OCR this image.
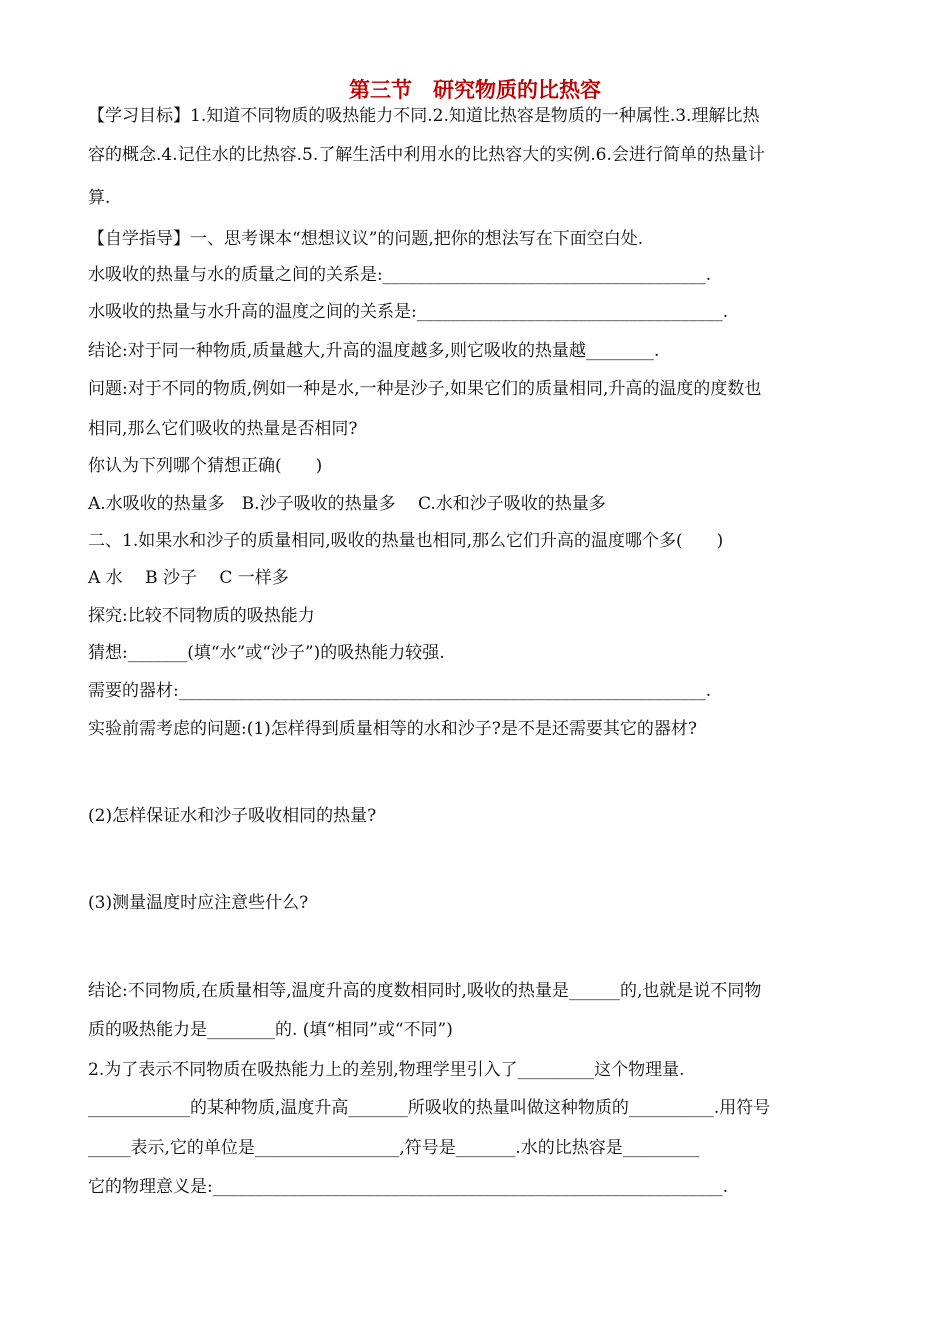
第三节　研究物质的比热容
【学习目标】1.知道不同物质的吸热能力不同.2.知道比热容是物质的一种属性.3.理解比热
容的概念.4.记住水的比热容.5.了解生活中利用水的比热容大的实例.6.会进行简单的热量计
算.
【自学指导】一、思考课本“想想议议”的问题,把你的想法写在下面空白处.
水吸收的热量与水的质量之间的关系是:______________________________________.
水吸收的热量与水升高的温度之间的关系是:____________________________________.
结论:对于同一种物质,质量越大,升高的温度越多,则它吸收的热量越________.
问题:对于不同的物质,例如一种是水,一种是沙子,如果它们的质量相同,升高的温度的度数也
相同,那么它们吸收的热量是否相同?
你认为下列哪个猜想正确(　　)
A.水吸收的热量多　B.沙子吸收的热量多　 C.水和沙子吸收的热量多
二、1.如果水和沙子的质量相同,吸收的热量也相同,那么它们升高的温度哪个多(　　)
A 水　 B 沙子　 C 一样多
探究:比较不同物质的吸热能力
猜想:_______(填“水”或“沙子”)的吸热能力较强.
需要的器材:______________________________________________________________.
实验前需考虑的问题:(1)怎样得到质量相等的水和沙子?是不是还需要其它的器材?
(2)怎样保证水和沙子吸收相同的热量?
(3)测量温度时应注意些什么?
结论:不同物质,在质量相等,温度升高的度数相同时,吸收的热量是______的,也就是说不同物
质的吸热能力是________的. (填“相同”或“不同”)
2.为了表示不同物质在吸热能力上的差别,物理学里引入了_________这个物理量.
____________的某种物质,温度升高_______所吸收的热量叫做这种物质的__________.用符号
_____表示,它的单位是_________________,符号是_______.水的比热容是_________
它的物理意义是:____________________________________________________________.
